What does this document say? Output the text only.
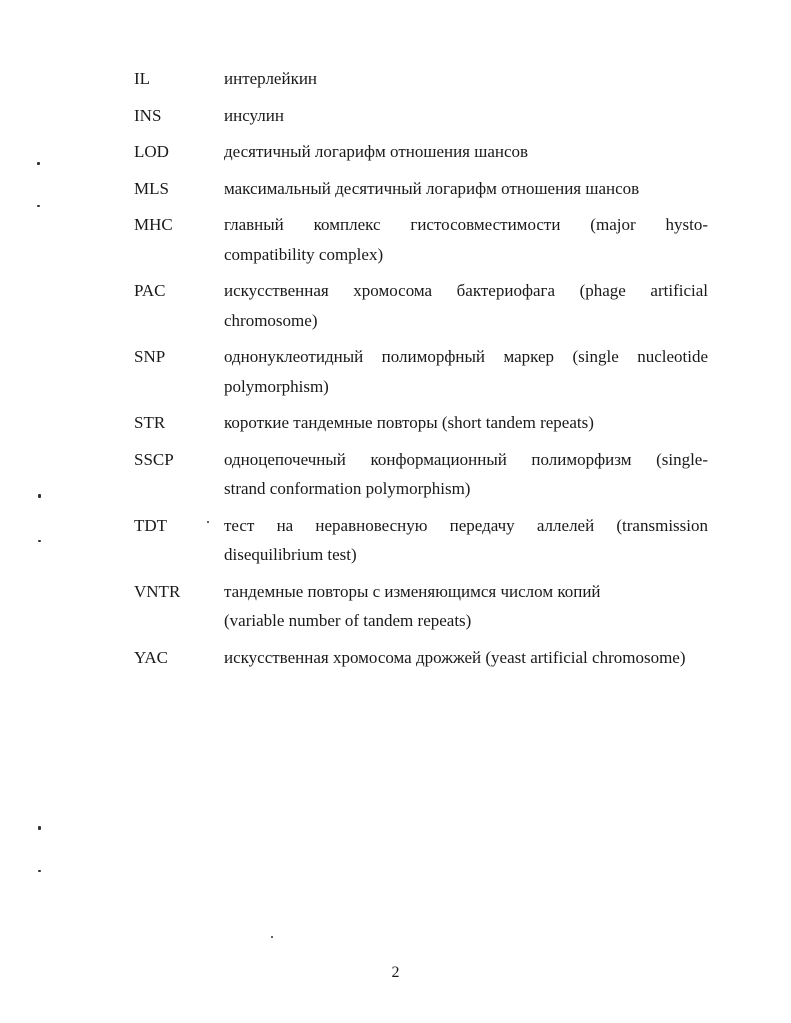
IL	интерлейкин
INS	инсулин
LOD	десятичный логарифм отношения шансов
MLS	максимальный десятичный логарифм отношения шансов
MHC	главный комплекс гистосовместимости (major hysto-
compatibility complex)
PAC	искусственная хромосома бактериофага (phage artificial
chromosome)
SNP	однонуклеотидный полиморфный маркер (single nucleotide
polymorphism)
STR	короткие тандемные повторы (short tandem repeats)
SSCP	одноцепочечный конформационный полиморфизм (single-
strand conformation polymorphism)
TDT	тест на неравновесную передачу аллелей (transmission
disequilibrium test)
VNTR	тандемные повторы с изменяющимся числом копий
(variable number of tandem repeats)
YAC	искусственная хромосома дрожжей (yeast artificial chromosome)
2
